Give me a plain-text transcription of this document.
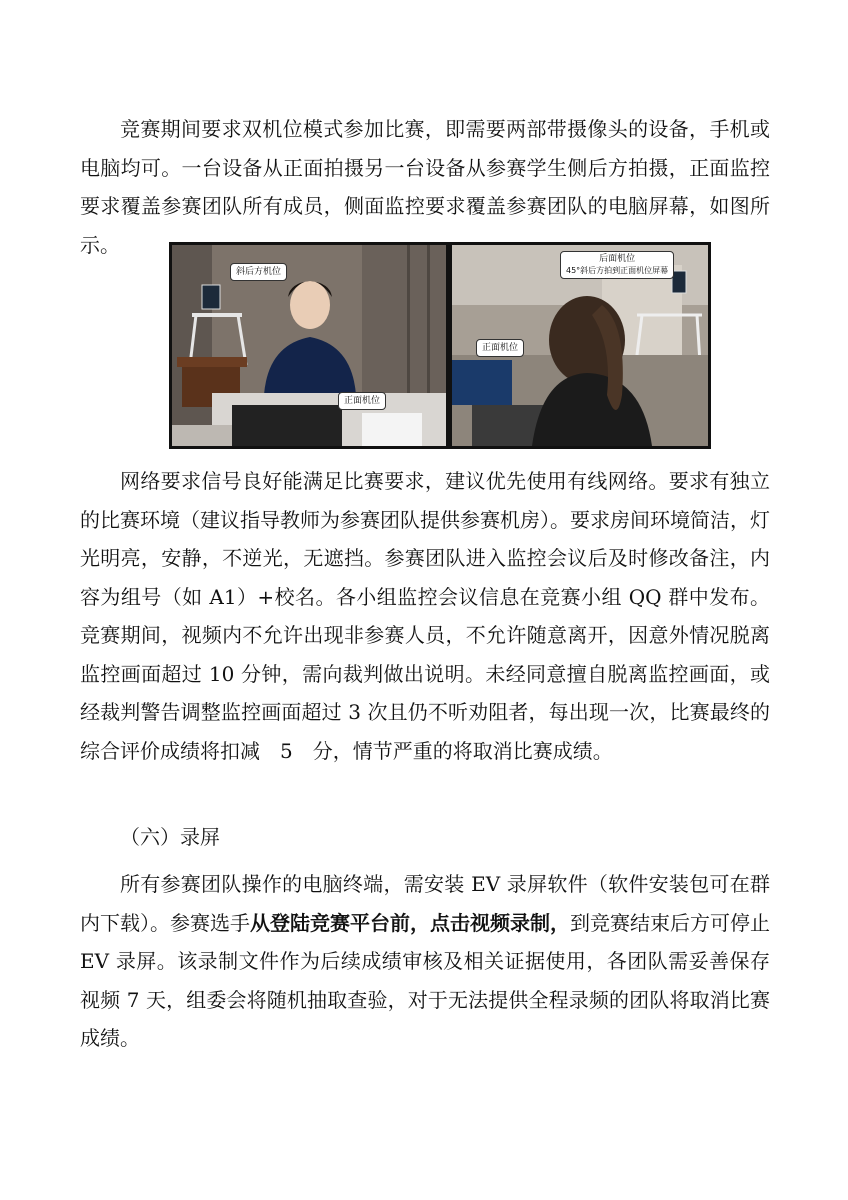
竞赛期间要求双机位模式参加比赛，即需要两部带摄像头的设备，手机或电脑均可。一台设备从正面拍摄另一台设备从参赛学生侧后方拍摄，正面监控要求覆盖参赛团队所有成员，侧面监控要求覆盖参赛团队的电脑屏幕，如图所示。

斜后方机位
正面机位
后面机位
45°斜后方拍到正面机位屏幕
正面机位

网络要求信号良好能满足比赛要求，建议优先使用有线网络。要求有独立的比赛环境（建议指导教师为参赛团队提供参赛机房）。要求房间环境简洁，灯光明亮，安静，不逆光，无遮挡。参赛团队进入监控会议后及时修改备注，内容为组号（如 A1）+校名。各小组监控会议信息在竞赛小组 QQ 群中发布。竞赛期间，视频内不允许出现非参赛人员，不允许随意离开，因意外情况脱离监控画面超过 10 分钟，需向裁判做出说明。未经同意擅自脱离监控画面，或经裁判警告调整监控画面超过 3 次且仍不听劝阻者，每出现一次，比赛最终的综合评价成绩将扣减　5　分，情节严重的将取消比赛成绩。

（六）录屏

所有参赛团队操作的电脑终端，需安装 EV 录屏软件（软件安装包可在群内下载）。参赛选手从登陆竞赛平台前，点击视频录制，到竞赛结束后方可停止 EV 录屏。该录制文件作为后续成绩审核及相关证据使用，各团队需妥善保存视频 7 天，组委会将随机抽取查验，对于无法提供全程录频的团队将取消比赛成绩。
